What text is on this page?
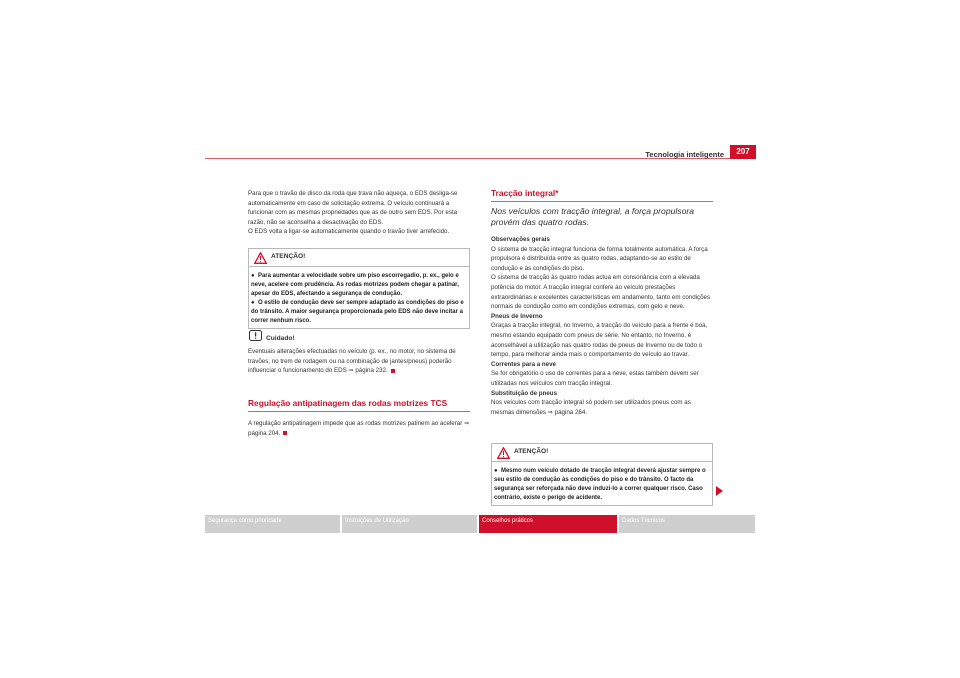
Tecnologia inteligente	207

Para que o travão de disco da roda que trava não aqueça, o EDS desliga-se automaticamente em caso de solicitação extrema. O veículo continuará a funcionar com as mesmas propriedades que as de outro sem EDS. Por esta razão, não se aconselha a desactivação do EDS.

O EDS volta a ligar-se automaticamente quando o travão tiver arrefecido.

ATENÇÃO!

●  Para aumentar a velocidade sobre um piso escorregadio, p. ex., gelo e neve, acelere com prudência. As rodas motrizes podem chegar a patinar, apesar do EDS, afectando a segurança de condução.

●  O estilo de condução deve ser sempre adaptado às condições do piso e do trânsito. A maior segurança proporcionada pelo EDS não deve incitar a correr nenhum risco.

Cuidado!

Eventuais alterações efectuadas no veículo (p. ex., no motor, no sistema de travões, no trem de rodagem ou na combinação de jantes/pneus) poderão influenciar o funcionamento do EDS ⇒ página 232.

Regulação antipatinagem das rodas motrizes TCS

A regulação antipatinagem impede que as rodas motrizes patinem ao acelerar ⇒ página 204.

Tracção integral*

Nos veículos com tracção integral, a força propulsora provém das quatro rodas.

Observações gerais

O sistema de tracção integral funciona de forma totalmente automática. A força propulsora é distribuída entre as quatro rodas, adaptando-se ao estilo de condução e às condições do piso.

O sistema de tracção às quatro rodas actua em consonância com a elevada potência do motor. A tracção integral confere ao veículo prestações extraordinárias e excelentes características em andamento, tanto em condições normais de condução como em condições extremas, com gelo e neve.

Pneus de Inverno

Graças à tracção integral, no Inverno, a tracção do veículo para a frente é boa, mesmo estando equipado com pneus de série. No entanto, no Inverno, é aconselhável a utilização nas quatro rodas de pneus de Inverno ou de todo o tempo, para melhorar ainda mais o comportamento do veículo ao travar.

Correntes para a neve

Se for obrigatório o uso de correntes para a neve, estas também devem ser utilizadas nos veículos com tracção integral.

Substituição de pneus

Nos veículos com tracção integral só podem ser utilizados pneus com as mesmas dimensões ⇒ página 264.

ATENÇÃO!

●  Mesmo num veículo dotado de tracção integral deverá ajustar sempre o seu estilo de condução às condições do piso e do trânsito. O facto da segurança ser reforçada não deve induzi-lo a correr qualquer risco. Caso contrário, existe o perigo de acidente.

Segurança como prioridade	Instruções de Utilização	Conselhos práticos	Dados Técnicos
